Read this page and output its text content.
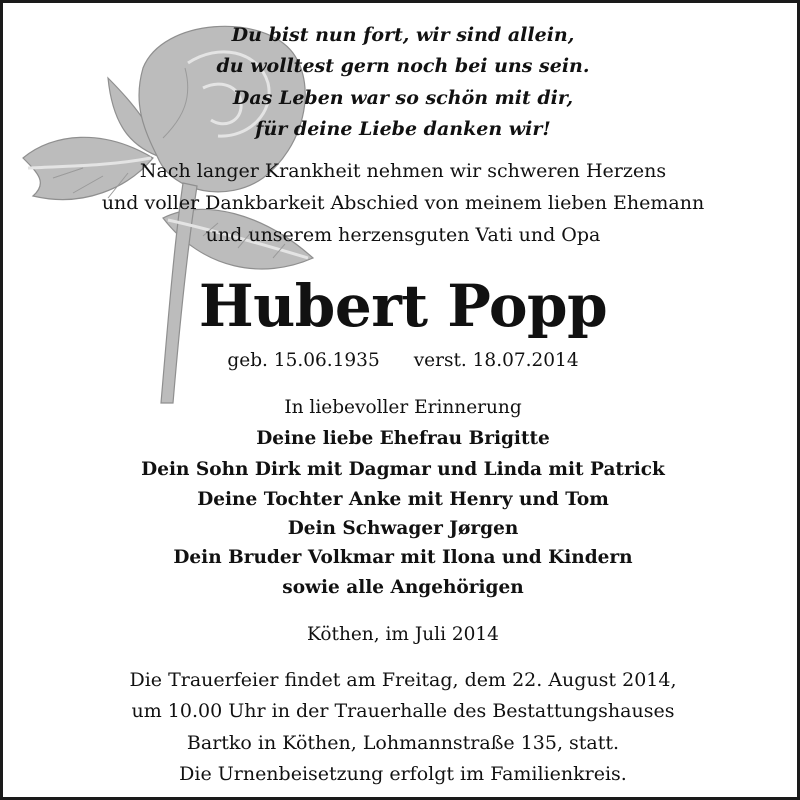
Du bist nun fort, wir sind allein,
du wolltest gern noch bei uns sein.
Das Leben war so schön mit dir,
für deine Liebe danken wir!
Nach langer Krankheit nehmen wir schweren Herzens
und voller Dankbarkeit Abschied von meinem lieben Ehemann
und unserem herzensguten Vati und Opa
Hubert Popp
geb. 15.06.1935 verst. 18.07.2014
In liebevoller Erinnerung
Deine liebe Ehefrau Brigitte
Dein Sohn Dirk mit Dagmar und Linda mit Patrick
Deine Tochter Anke mit Henry und Tom
Dein Schwager Jørgen
Dein Bruder Volkmar mit Ilona und Kindern
sowie alle Angehörigen
Köthen, im Juli 2014
Die Trauerfeier findet am Freitag, dem 22. August 2014,
um 10.00 Uhr in der Trauerhalle des Bestattungshauses
Bartko in Köthen, Lohmannstraße 135, statt.
Die Urnenbeisetzung erfolgt im Familienkreis.
